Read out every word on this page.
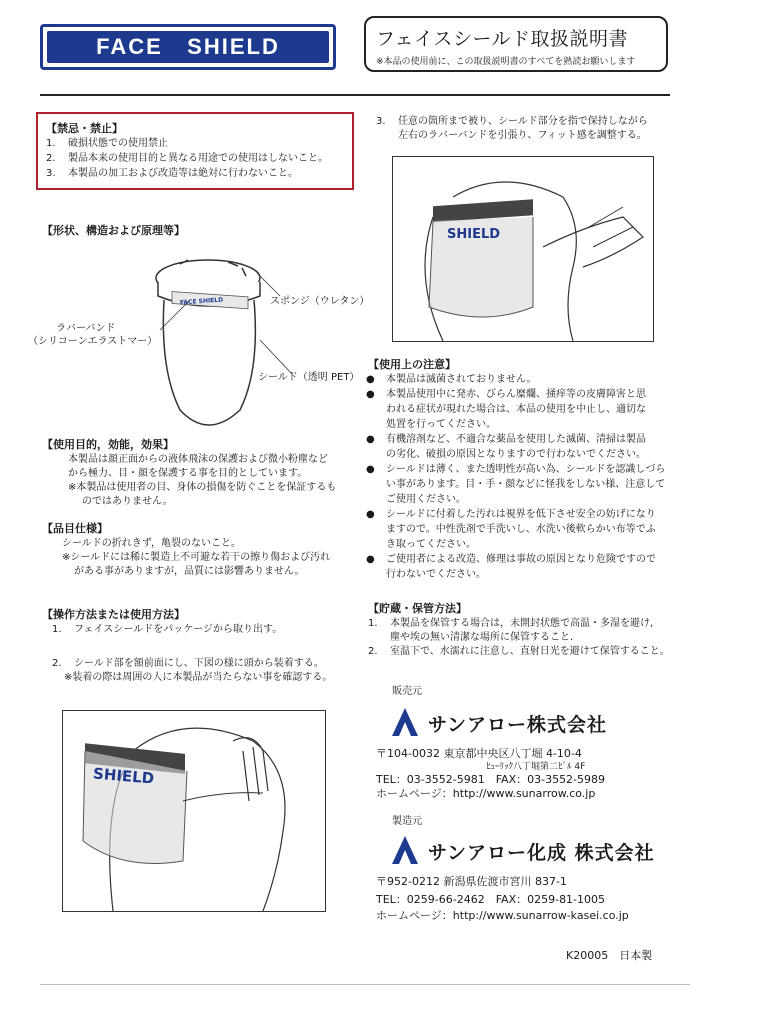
FACE   SHIELD	フェイスシールド取扱説明書
※本品の使用前に、この取扱説明書のすべてを熟読お願いします
【禁忌・禁止】
1. 破損状態での使用禁止
2. 製品本来の使用目的と異なる用途での使用はしないこと。
3. 本製品の加工および改造等は絶対に行わないこと。
【形状、構造および原理等】
FACE SHIELD	スポンジ（ウレタン）
ラバーバンド
（シリコーンエラストマー）
シールド（透明 PET）
【使用目的，効能，効果】
本製品は顔正面からの液体飛沫の保護および微小粉塵など
から極力、目・顔を保護する事を目的としています。
※本製品は使用者の目、身体の損傷を防ぐことを保証するも
のではありません。
【品目仕様】
シールドの折れきず，亀裂のないこと。
※シールドには稀に製造上不可避な若干の擦り傷および汚れ
がある事がありますが，品質には影響ありません。
【操作方法または使用方法】
1. フェイスシールドをパッケージから取り出す。
2. シールド部を額前面にし、下図の様に頭から装着する。
※装着の際は周囲の人に本製品が当たらない事を確認する。
SHIELD
3. 任意の箇所まで被り、シールド部分を指で保持しながら
左右のラバーバンドを引張り、フィット感を調整する。
SHIELD
【使用上の注意】
● 本製品は滅菌されておりません。
● 本製品使用中に発赤、びらん糜爛、掻痒等の皮膚障害と思
われる症状が現れた場合は、本品の使用を中止し、適切な
処置を行ってください。
● 有機溶剤など、不適合な薬品を使用した滅菌、清掃は製品
の劣化、破損の原因となりますので行わないでください。
● シールドは薄く、また透明性が高い為、シールドを認識しづら
い事があります。目・手・顔などに怪我をしない様、注意して
ご使用ください。
● シールドに付着した汚れは視界を低下させ安全の妨げになり
ますので。中性洗剤で手洗いし、水洗い後軟らかい布等でふ
き取ってください。
● ご使用者による改造、修理は事故の原因となり危険ですので
行わないでください。
【貯蔵・保管方法】
1. 本製品を保管する場合は，未開封状態で高温・多湿を避け,
塵や埃の無い清潔な場所に保管すること.
2. 室温下で、水濡れに注意し、直射日光を避けて保管すること。
販売元
サンアロー株式会社
〒104-0032 東京都中央区八丁堀 4-10-4
ﾋｭｰﾘｯｸ八丁堀第二ﾋﾞﾙ 4F
TEL：03-3552-5981　FAX：03-3552-5989
ホームページ：http://www.sunarrow.co.jp
製造元
サンアロー化成 株式会社
〒952-0212 新潟県佐渡市宮川 837-1
TEL：0259-66-2462　FAX：0259-81-1005
ホームページ：http://www.sunarrow-kasei.co.jp
K20005　日本製
